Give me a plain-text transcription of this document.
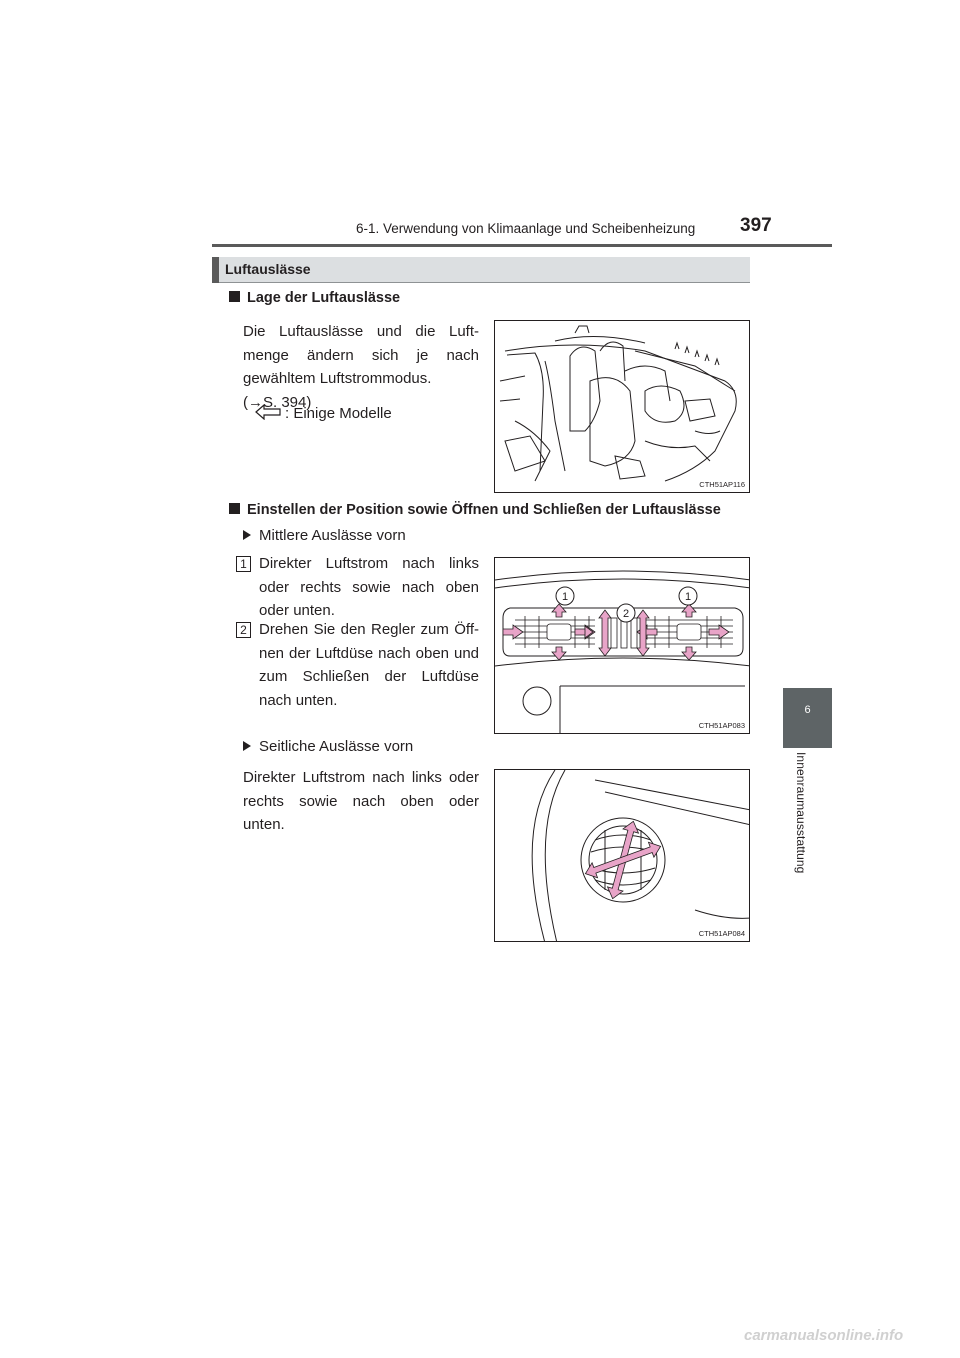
6-1. Verwendung von Klimaanlage und Scheibenheizung 397
6
Innenraumausstattung
Luftauslässe
Lage der Luftauslässe
Die Luftauslässe und die Luft-
menge ändern sich je nach
gewähltem Luftstrommodus.
(→S. 394)
: Einige Modelle
CTH51AP116
Einstellen der Position sowie Öffnen und Schließen der Luftauslässe
Mittlere Auslässe vorn
1 Direkter Luftstrom nach links
oder rechts sowie nach oben
oder unten.
2 Drehen Sie den Regler zum Öff-
nen der Luftdüse nach oben und
zum Schließen der Luftdüse
nach unten.
1	1
2
CTH51AP083
Seitliche Auslässe vorn
Direkter Luftstrom nach links oder
rechts sowie nach oben oder
unten.
CTH51AP084
carmanualsonline.info
